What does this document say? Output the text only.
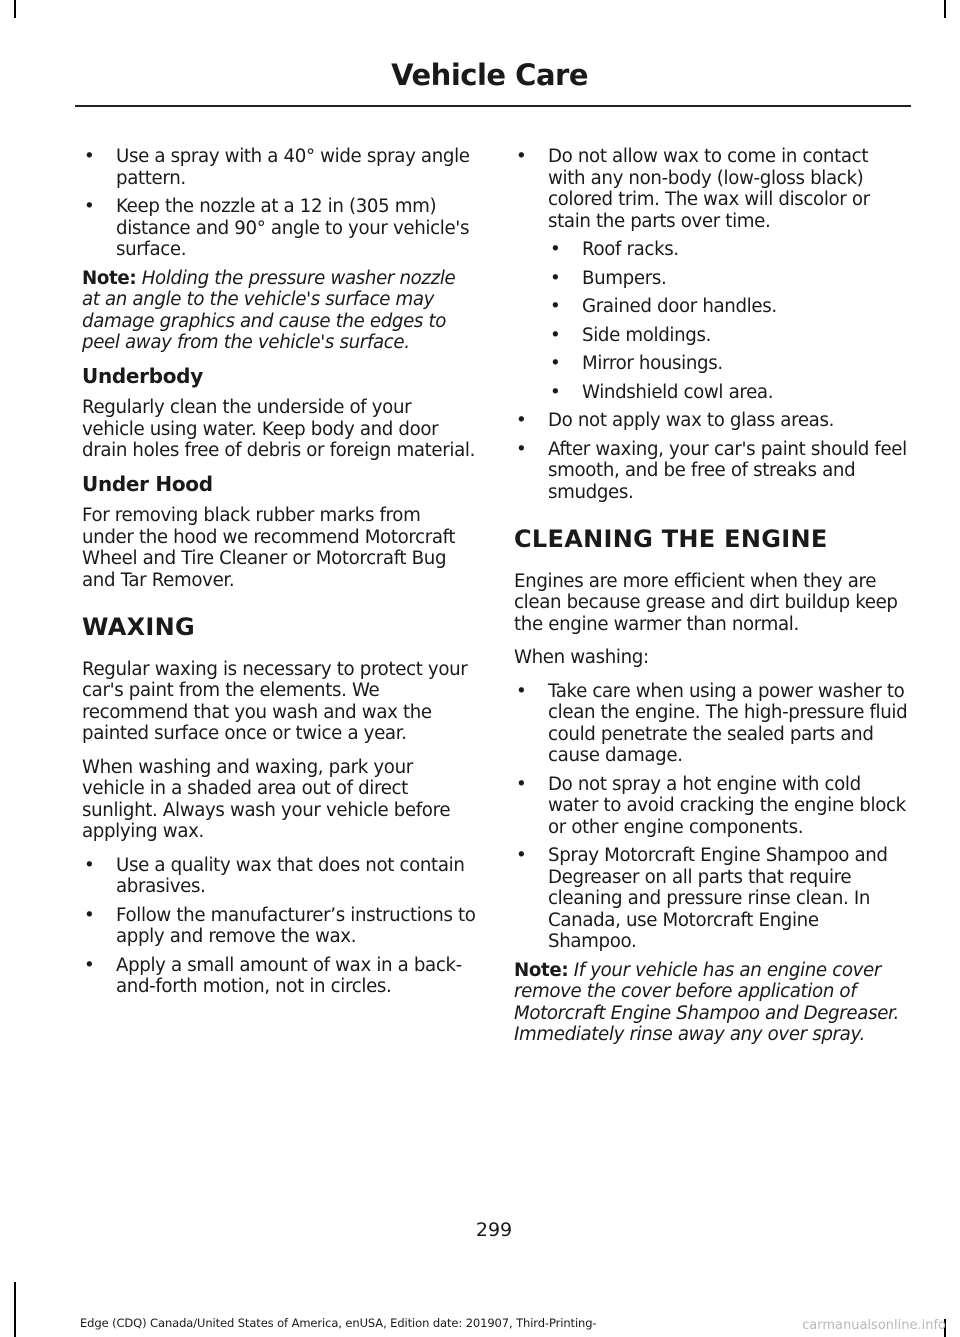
Vehicle Care
• Use a spray with a 40° wide spray angle pattern.
• Keep the nozzle at a 12 in (305 mm) distance and 90° angle to your vehicle's surface.

Note: Holding the pressure washer nozzle at an angle to the vehicle's surface may damage graphics and cause the edges to peel away from the vehicle's surface.

Underbody

Regularly clean the underside of your vehicle using water. Keep body and door drain holes free of debris or foreign material.

Under Hood

For removing black rubber marks from under the hood we recommend Motorcraft Wheel and Tire Cleaner or Motorcraft Bug and Tar Remover.

WAXING

Regular waxing is necessary to protect your car's paint from the elements. We recommend that you wash and wax the painted surface once or twice a year.

When washing and waxing, park your vehicle in a shaded area out of direct sunlight. Always wash your vehicle before applying wax.

• Use a quality wax that does not contain abrasives.
• Follow the manufacturer’s instructions to apply and remove the wax.
• Apply a small amount of wax in a back-and-forth motion, not in circles.
• Do not allow wax to come in contact with any non-body (low-gloss black) colored trim. The wax will discolor or stain the parts over time.
• Roof racks.
• Bumpers.
• Grained door handles.
• Side moldings.
• Mirror housings.
• Windshield cowl area.
• Do not apply wax to glass areas.
• After waxing, your car's paint should feel smooth, and be free of streaks and smudges.
CLEANING THE ENGINE

Engines are more efficient when they are clean because grease and dirt buildup keep the engine warmer than normal.

When washing:

• Take care when using a power washer to clean the engine. The high-pressure fluid could penetrate the sealed parts and cause damage.
• Do not spray a hot engine with cold water to avoid cracking the engine block or other engine components.
• Spray Motorcraft Engine Shampoo and Degreaser on all parts that require cleaning and pressure rinse clean. In Canada, use Motorcraft Engine Shampoo.

Note: If your vehicle has an engine cover remove the cover before application of Motorcraft Engine Shampoo and Degreaser. Immediately rinse away any over spray.

299
Edge (CDQ) Canada/United States of America, enUSA, Edition date: 201907, Third-Printing-	carmanualsonline.info
